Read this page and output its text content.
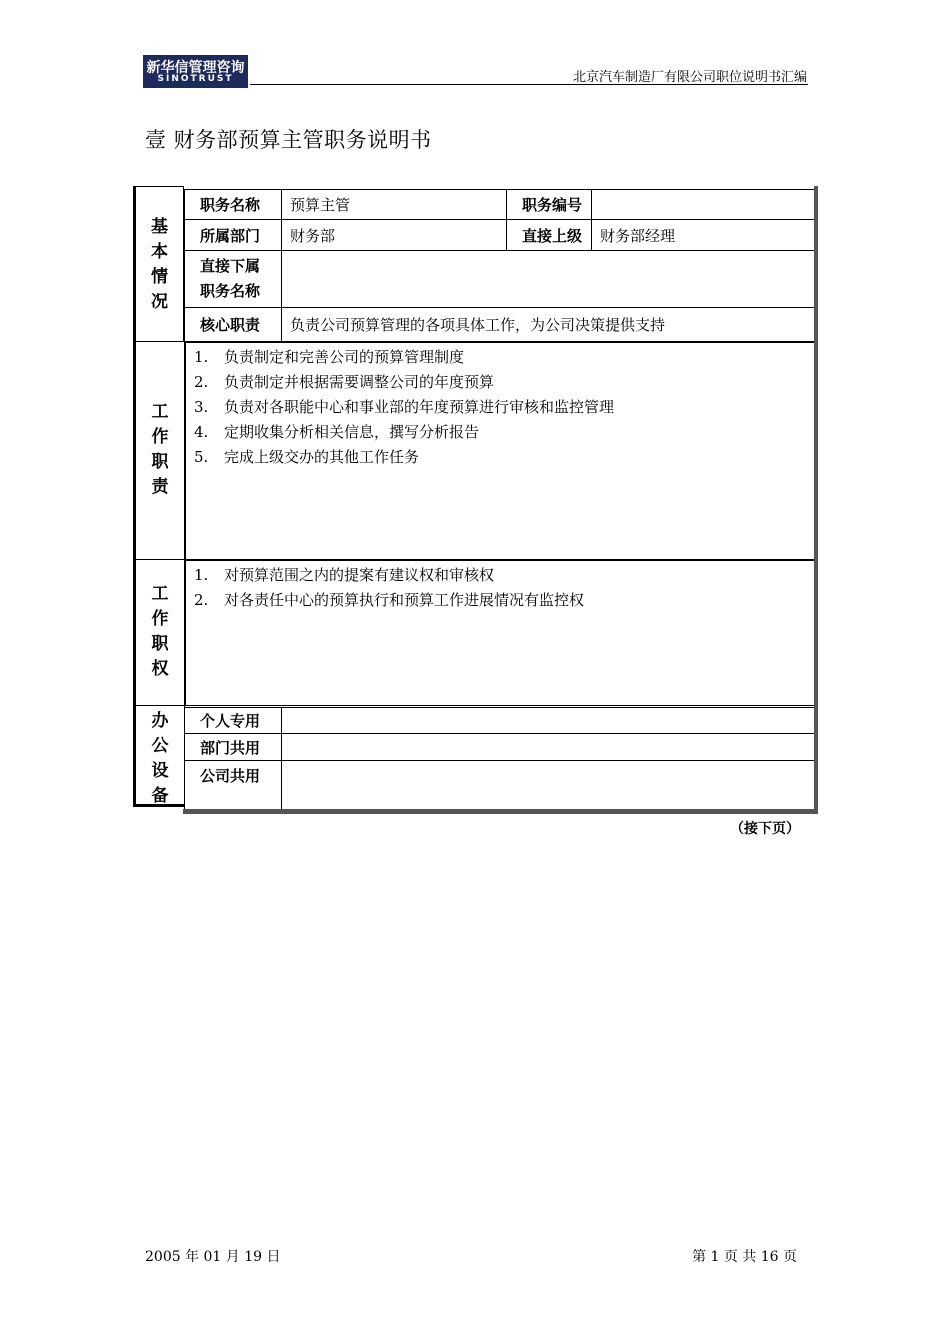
新华信管理咨询
SINOTRUST	北京汽车制造厂有限公司职位说明书汇编
壹 财务部预算主管职务说明书
基
本
情
况
职务名称	预算主管	职务编号
所属部门	财务部	直接上级	财务部经理
直接下属
职务名称
核心职责	负责公司预算管理的各项具体工作，为公司决策提供支持
工
作
职
责
1. 负责制定和完善公司的预算管理制度
2. 负责制定并根据需要调整公司的年度预算
3. 负责对各职能中心和事业部的年度预算进行审核和监控管理
4. 定期收集分析相关信息，撰写分析报告
5. 完成上级交办的其他工作任务
工
作
职
权
1. 对预算范围之内的提案有建议权和审核权
2. 对各责任中心的预算执行和预算工作进展情况有监控权
办
公
设
备
个人专用
部门共用
公司共用
（接下页）
2005 年 01 月 19 日	第 1 页 共 16 页
